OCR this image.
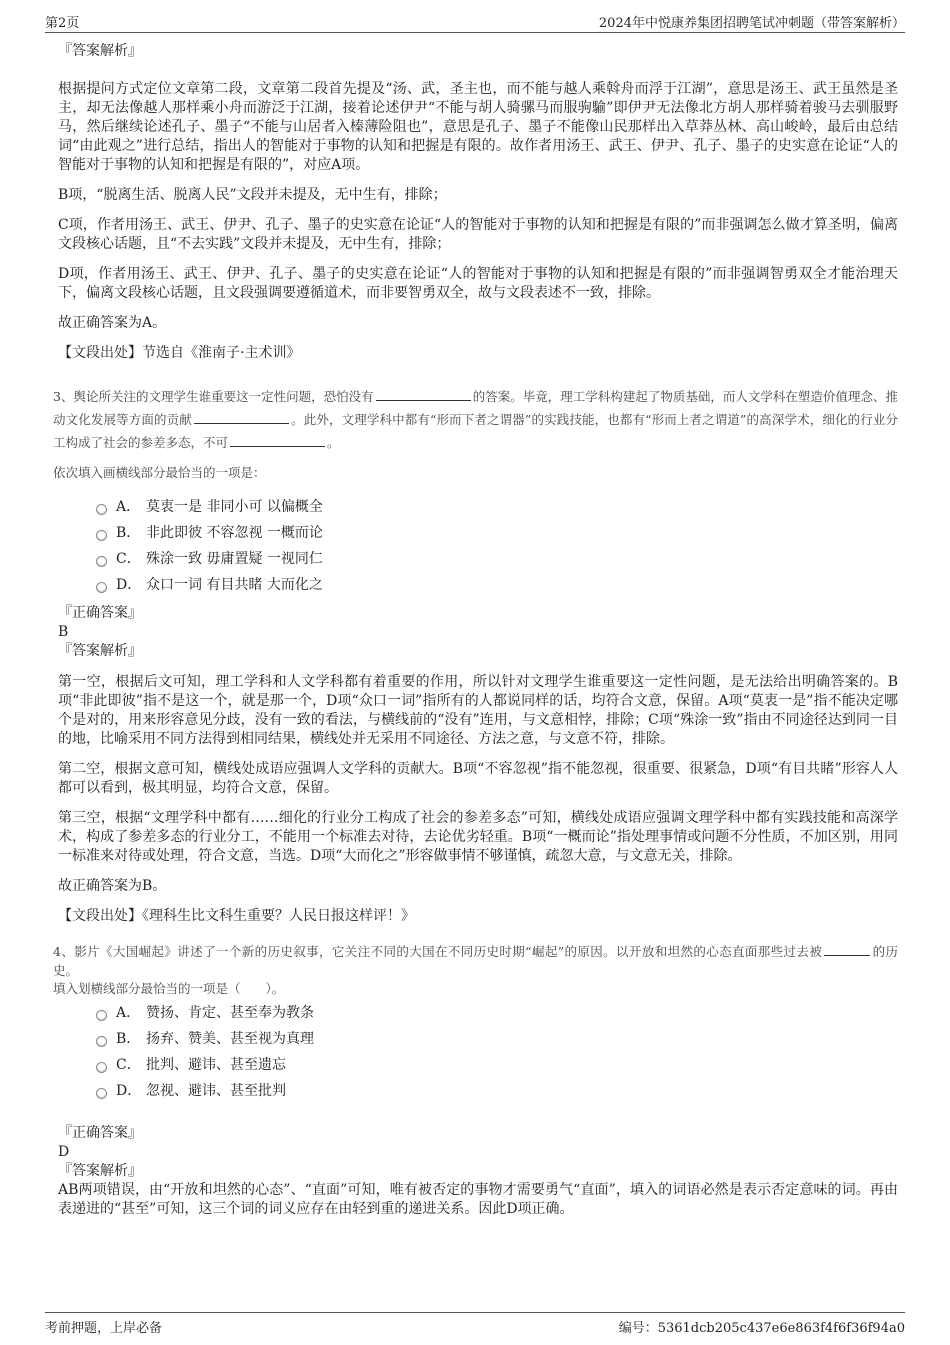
第2页	2024年中悦康养集团招聘笔试冲刺题（带答案解析）

『答案解析』

根据提问方式定位文章第二段，文章第二段首先提及“汤、武，圣主也，而不能与越人乘斡舟而浮于江湖”，意思是汤王、武王虽然是圣主，却无法像越人那样乘小舟而游泛于江湖，接着论述伊尹“不能与胡人骑骡马而服驹騟”即伊尹无法像北方胡人那样骑着骏马去驯服野马，然后继续论述孔子、墨子“不能与山居者入榛薄险阻也”，意思是孔子、墨子不能像山民那样出入草莽丛林、高山峻岭，最后由总结词“由此观之”进行总结，指出人的智能对于事物的认知和把握是有限的。故作者用汤王、武王、伊尹、孔子、墨子的史实意在论证“人的智能对于事物的认知和把握是有限的”，对应A项。

B项，“脱离生活、脱离人民”文段并未提及，无中生有，排除；

C项，作者用汤王、武王、伊尹、孔子、墨子的史实意在论证“人的智能对于事物的认知和把握是有限的”而非强调怎么做才算圣明，偏离文段核心话题，且“不去实践”文段并未提及，无中生有，排除；

D项，作者用汤王、武王、伊尹、孔子、墨子的史实意在论证“人的智能对于事物的认知和把握是有限的”而非强调智勇双全才能治理天下，偏离文段核心话题，且文段强调要遵循道术，而非要智勇双全，故与文段表述不一致，排除。

故正确答案为A。

【文段出处】节选自《淮南子·主术训》

3、舆论所关注的文理学生谁重要这一定性问题，恐怕没有	的答案。毕竟，理工学科构建起了物质基础，而人文学科在塑造价值理念、推动文化发展等方面的贡献	。此外，文理学科中都有“形而下者之谓器”的实践技能，也都有“形而上者之谓道”的高深学术，细化的行业分工构成了社会的参差多态，不可	。

依次填入画横线部分最恰当的一项是：

A． 莫衷一是 非同小可 以偏概全
B． 非此即彼 不容忽视 一概而论
C． 殊涂一致 毋庸置疑 一视同仁
D． 众口一词 有目共睹 大而化之

『正确答案』

B

『答案解析』

第一空，根据后文可知，理工学科和人文学科都有着重要的作用，所以针对文理学生谁重要这一定性问题，是无法给出明确答案的。B项“非此即彼”指不是这一个，就是那一个，D项“众口一词”指所有的人都说同样的话，均符合文意，保留。A项“莫衷一是”指不能决定哪个是对的，用来形容意见分歧，没有一致的看法，与横线前的“没有”连用，与文意相悖，排除；C项“殊涂一致”指由不同途径达到同一目的地，比喻采用不同方法得到相同结果，横线处并无采用不同途径、方法之意，与文意不符，排除。

第二空，根据文意可知，横线处成语应强调人文学科的贡献大。B项“不容忽视”指不能忽视，很重要、很紧急，D项“有目共睹”形容人人都可以看到，极其明显，均符合文意，保留。

第三空，根据“文理学科中都有……细化的行业分工构成了社会的参差多态”可知，横线处成语应强调文理学科中都有实践技能和高深学术，构成了参差多态的行业分工，不能用一个标准去对待，去论优劣轻重。B项“一概而论”指处理事情或问题不分性质，不加区别，用同一标准来对待或处理，符合文意，当选。D项“大而化之”形容做事情不够谨慎，疏忽大意，与文意无关，排除。

故正确答案为B。

【文段出处】《理科生比文科生重要？人民日报这样评！》

4、影片《大国崛起》讲述了一个新的历史叙事，它关注不同的大国在不同历史时期“崛起”的原因。以开放和坦然的心态直面那些过去被	的历史。

填入划横线部分最恰当的一项是（　　）。

A． 赞扬、肯定、甚至奉为教条
B． 扬弃、赞美、甚至视为真理
C． 批判、避讳、甚至遗忘
D． 忽视、避讳、甚至批判

『正确答案』

D

『答案解析』

AB两项错误，由“开放和坦然的心态”、“直面”可知，唯有被否定的事物才需要勇气“直面”，填入的词语必然是表示否定意味的词。再由表递进的“甚至”可知，这三个词的词义应存在由轻到重的递进关系。因此D项正确。

考前押题，上岸必备	编号：5361dcb205c437e6e863f4f6f36f94a0
